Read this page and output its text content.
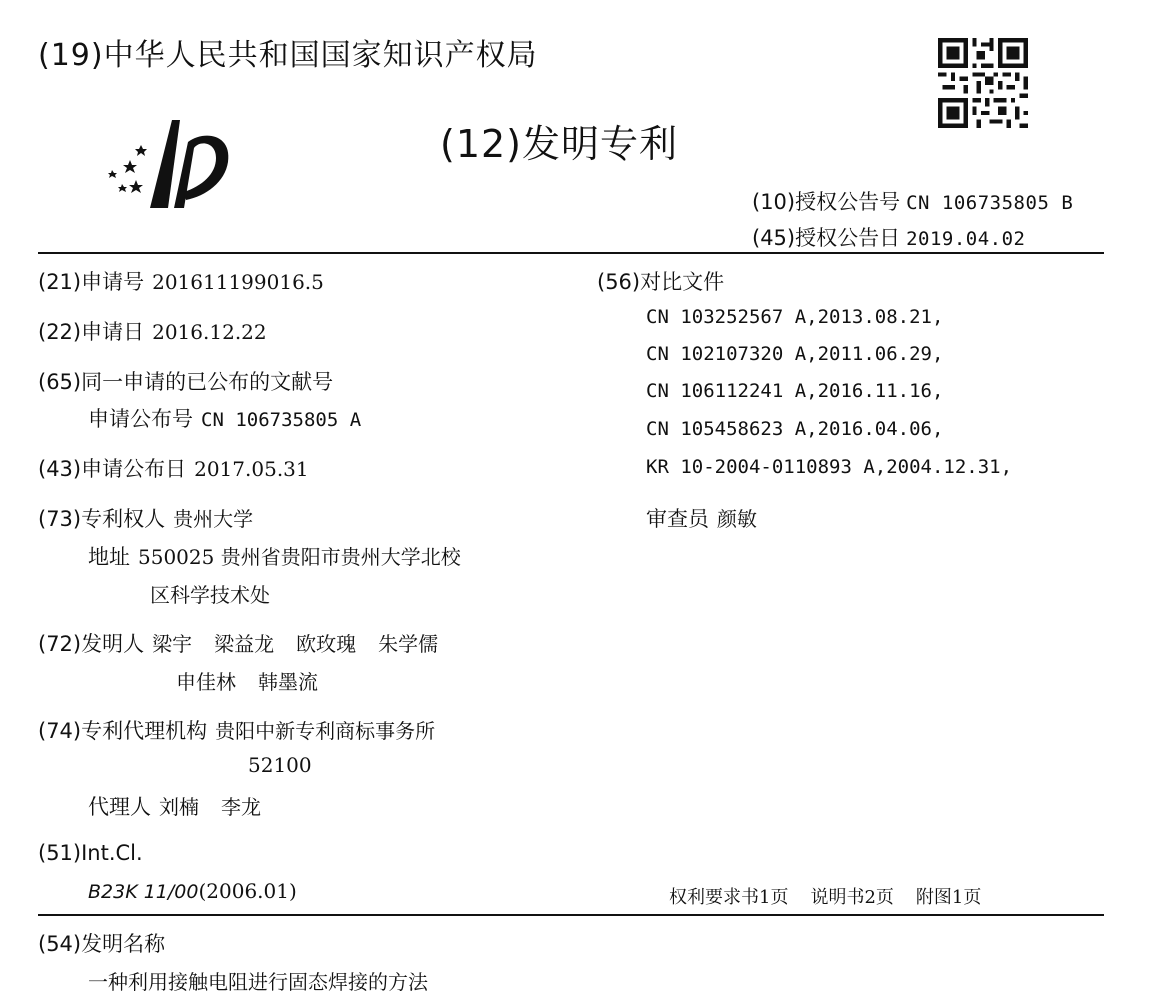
(19)中华人民共和国国家知识产权局
(12)发明专利
(10)授权公告号 CN 106735805 B
(45)授权公告日 2019.04.02
(21)申请号 201611199016.5
(22)申请日 2016.12.22
(65)同一申请的已公布的文献号
申请公布号 CN 106735805 A
(43)申请公布日 2017.05.31
(73)专利权人 贵州大学
地址 550025 贵州省贵阳市贵州大学北校
区科学技术处
(72)发明人 梁宇 梁益龙 欧玫瑰 朱学儒
申佳林 韩墨流
(74)专利代理机构 贵阳中新专利商标事务所
52100
代理人 刘楠 李龙
(51)Int.Cl.
B23K 11/00(2006.01)
(56)对比文件
CN 103252567 A,2013.08.21,
CN 102107320 A,2011.06.29,
CN 106112241 A,2016.11.16,
CN 105458623 A,2016.04.06,
KR 10-2004-0110893 A,2004.12.31,
审查员 颜敏
权利要求书1页 说明书2页 附图1页
(54)发明名称
一种利用接触电阻进行固态焊接的方法
